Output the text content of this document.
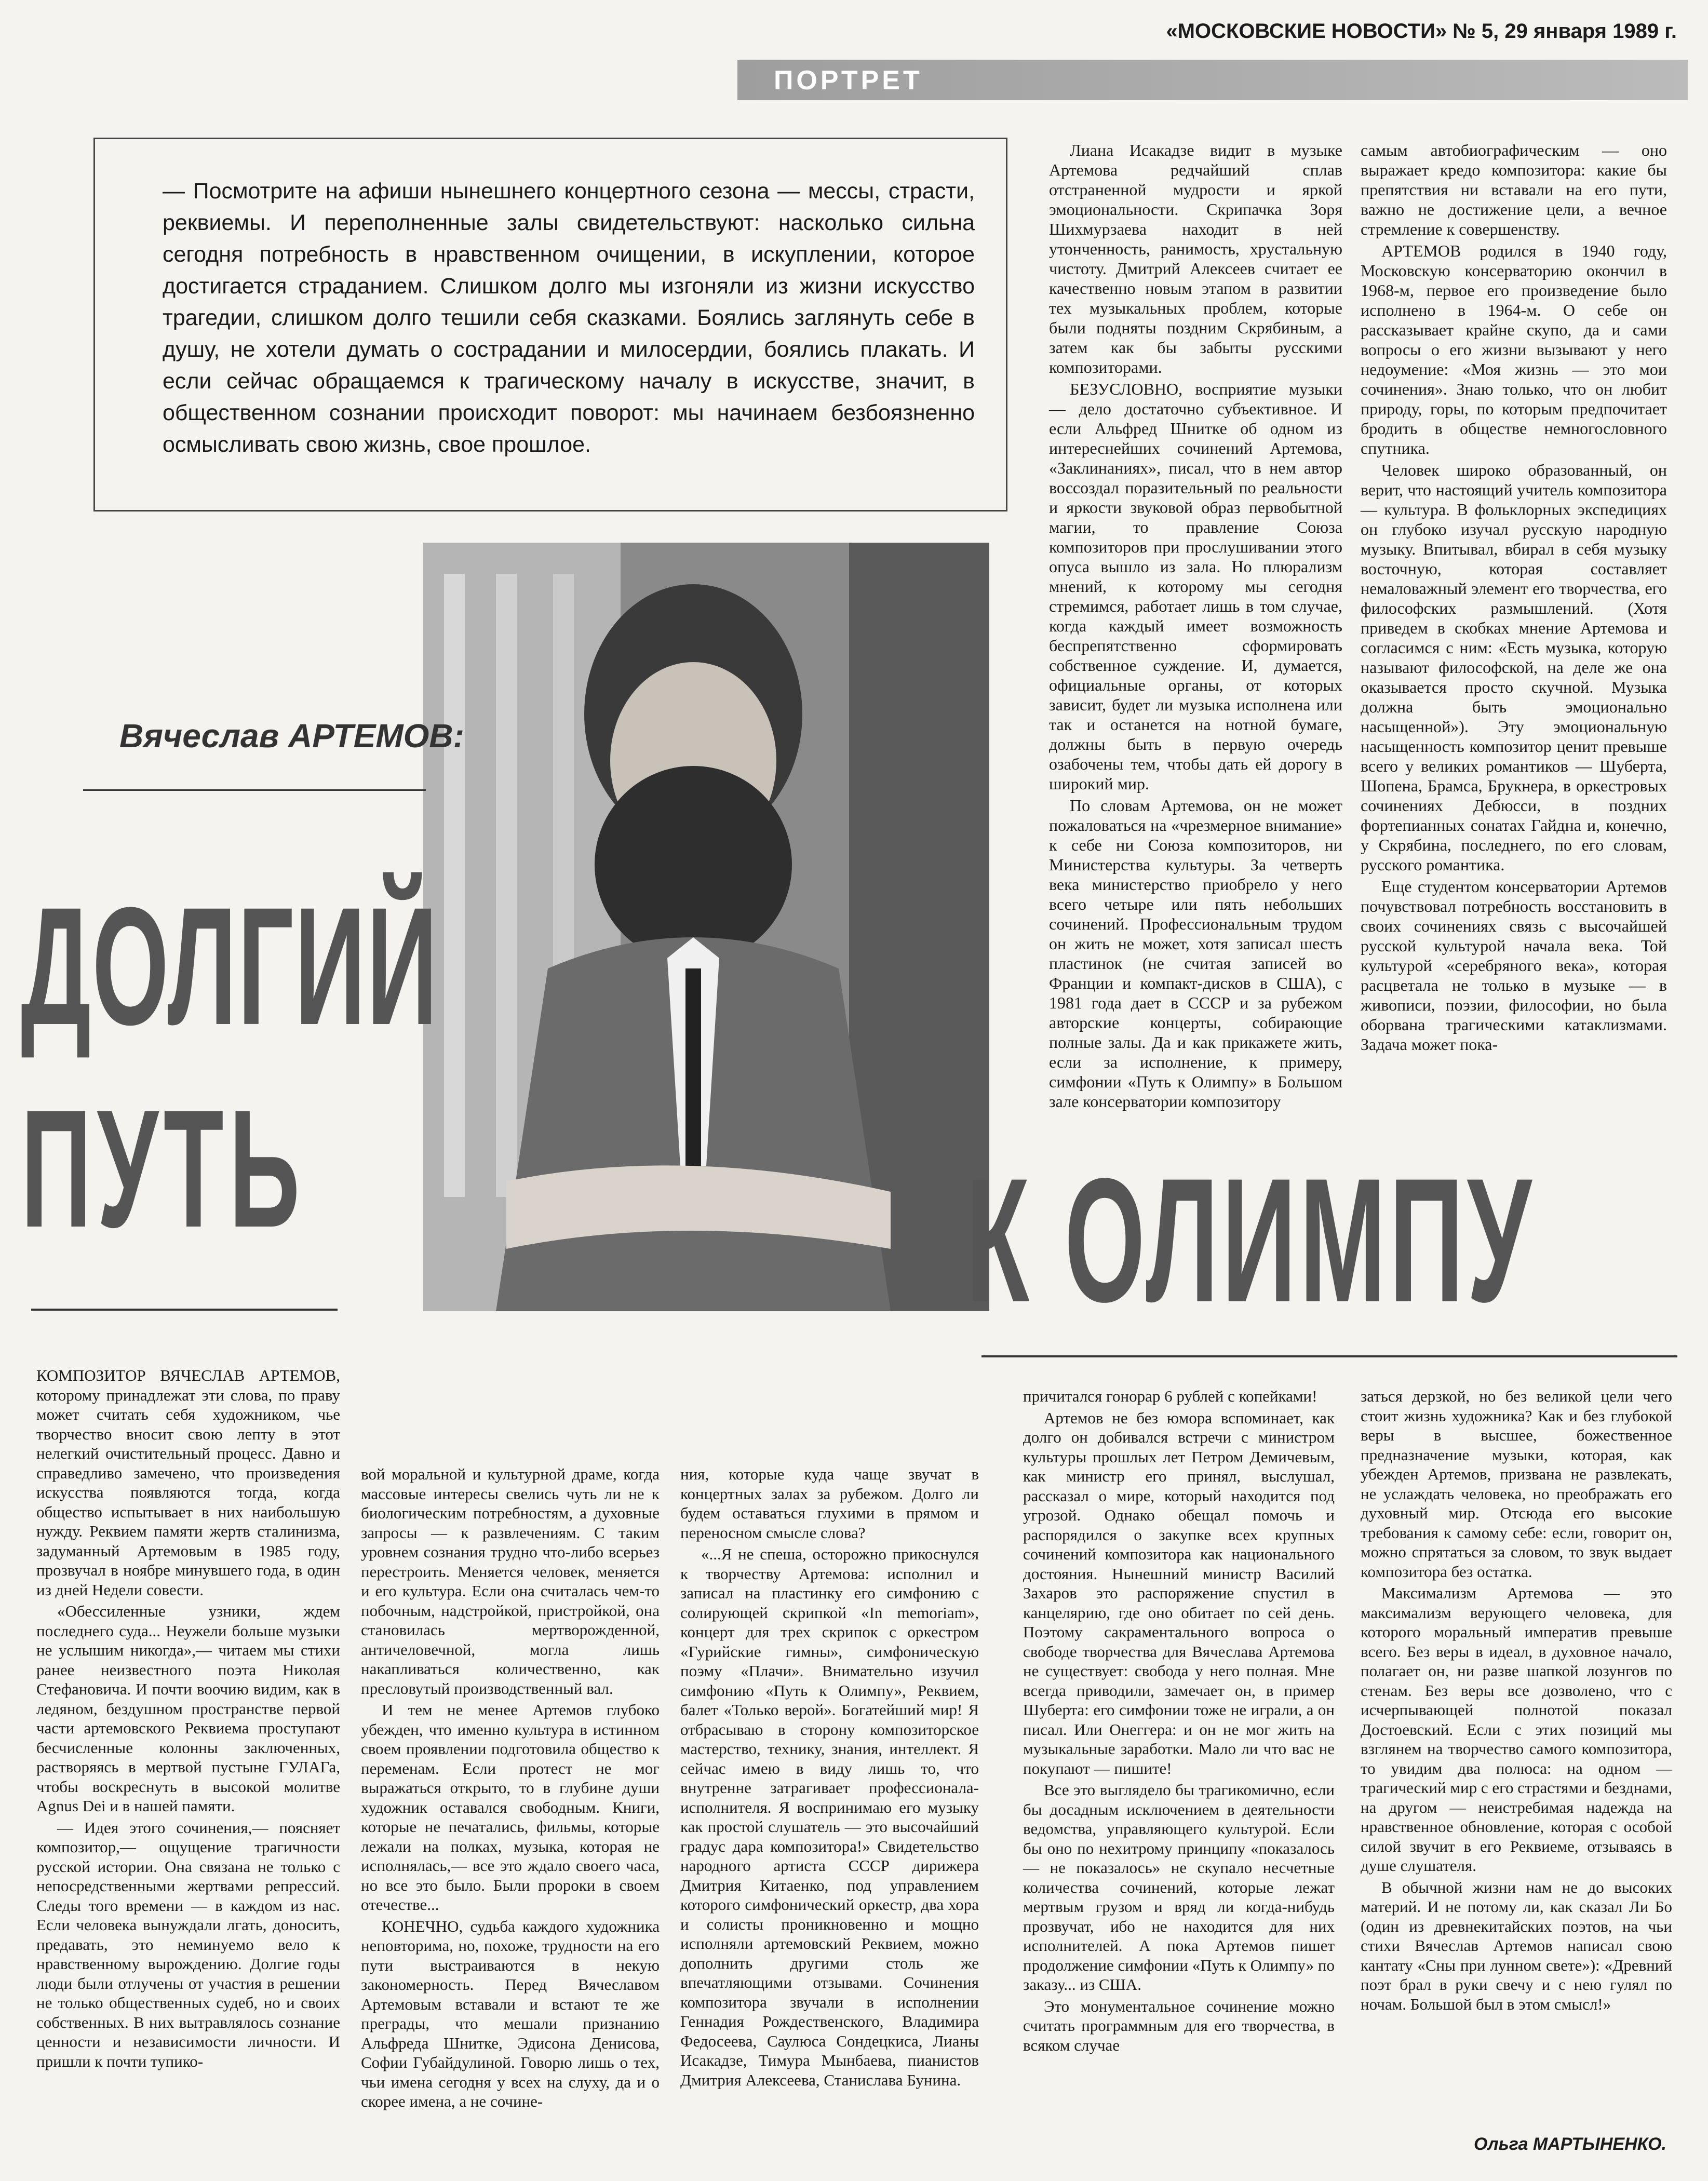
«МОСКОВСКИЕ НОВОСТИ» № 5, 29 января 1989 г.
ПОРТРЕТ

— Посмотрите на афиши нынешнего концертного сезона — мессы, страсти, реквиемы. И переполненные залы свидетельствуют: насколько сильна сегодня потребность в нравственном очищении, в искуплении, которое достигается страданием. Слишком долго мы изгоняли из жизни искусство трагедии, слишком долго тешили себя сказками. Боялись заглянуть себе в душу, не хотели думать о сострадании и милосердии, боялись плакать. И если сейчас обращаемся к трагическому началу в искусстве, значит, в общественном сознании происходит поворот: мы начинаем безбоязненно осмысливать свою жизнь, свое прошлое.

Лиана Исакадзе видит в музыке Артемова редчайший сплав отстраненной мудрости и яркой эмоциональности. Скрипачка Зоря Шихмурзаева находит в ней утонченность, ранимость, хрустальную чистоту. Дмитрий Алексеев считает ее качественно новым этапом в развитии тех музыкальных проблем, которые были подняты поздним Скрябиным, а затем как бы забыты русскими композиторами.

БЕЗУСЛОВНО, восприятие музыки — дело достаточно субъективное. И если Альфред Шнитке об одном из интереснейших сочинений Артемова, «Заклинаниях», писал, что в нем автор воссоздал поразительный по реальности и яркости звуковой образ первобытной магии, то правление Союза композиторов при прослушивании этого опуса вышло из зала. Но плюрализм мнений, к которому мы сегодня стремимся, работает лишь в том случае, когда каждый имеет возможность беспрепятственно сформировать собственное суждение. И, думается, официальные органы, от которых зависит, будет ли музыка исполнена или так и останется на нотной бумаге, должны быть в первую очередь озабочены тем, чтобы дать ей дорогу в широкий мир.

По словам Артемова, он не может пожаловаться на «чрезмерное внимание» к себе ни Союза композиторов, ни Министерства культуры. За четверть века министерство приобрело у него всего четыре или пять небольших сочинений. Профессиональным трудом он жить не может, хотя записал шесть пластинок (не считая записей во Франции и компакт-дисков в США), с 1981 года дает в СССР и за рубежом авторские концерты, собирающие полные залы. Да и как прикажете жить, если за исполнение, к примеру, симфонии «Путь к Олимпу» в Большом зале консерватории композитору

самым автобиографическим — оно выражает кредо композитора: какие бы препятствия ни вставали на его пути, важно не достижение цели, а вечное стремление к совершенству.

АРТЕМОВ родился в 1940 году, Московскую консерваторию окончил в 1968-м, первое его произведение было исполнено в 1964-м. О себе он рассказывает крайне скупо, да и сами вопросы о его жизни вызывают у него недоумение: «Моя жизнь — это мои сочинения». Знаю только, что он любит природу, горы, по которым предпочитает бродить в обществе немногословного спутника.

Человек широко образованный, он верит, что настоящий учитель композитора — культура. В фольклорных экспедициях он глубоко изучал русскую народную музыку. Впитывал, вбирал в себя музыку восточную, которая составляет немаловажный элемент его творчества, его философских размышлений. (Хотя приведем в скобках мнение Артемова и согласимся с ним: «Есть музыка, которую называют философской, на деле же она оказывается просто скучной. Музыка должна быть эмоционально насыщенной»). Эту эмоциональную насыщенность композитор ценит превыше всего у великих романтиков — Шуберта, Шопена, Брамса, Брукнера, в оркестровых сочинениях Дебюсси, в поздних фортепианных сонатах Гайдна и, конечно, у Скрябина, последнего, по его словам, русского романтика.

Еще студентом консерватории Артемов почувствовал потребность восстановить в своих сочинениях связь с высочайшей русской культурой начала века. Той культурой «серебряного века», которая расцветала не только в музыке — в живописи, поэзии, философии, но была оборвана трагическими катаклизмами. Задача может пока-

Вячеслав АРТЕМОВ:
ДОЛГИЙ
ПУТЬ	К ОЛИМПУ

КОМПОЗИТОР ВЯЧЕСЛАВ АРТЕМОВ, которому принадлежат эти слова, по праву может считать себя художником, чье творчество вносит свою лепту в этот нелегкий очистительный процесс. Давно и справедливо замечено, что произведения искусства появляются тогда, когда общество испытывает в них наибольшую нужду. Реквием памяти жертв сталинизма, задуманный Артемовым в 1985 году, прозвучал в ноябре минувшего года, в один из дней Недели совести.

«Обессиленные узники, ждем последнего суда... Неужели больше музыки не услышим никогда»,— читаем мы стихи ранее неизвестного поэта Николая Стефановича. И почти воочию видим, как в ледяном, бездушном пространстве первой части артемовского Реквиема проступают бесчисленные колонны заключенных, растворяясь в мертвой пустыне ГУЛАГа, чтобы воскреснуть в высокой молитве Agnus Dei и в нашей памяти.

— Идея этого сочинения,— поясняет композитор,— ощущение трагичности русской истории. Она связана не только с непосредственными жертвами репрессий. Следы того времени — в каждом из нас. Если человека вынуждали лгать, доносить, предавать, это неминуемо вело к нравственному вырождению. Долгие годы люди были отлучены от участия в решении не только общественных судеб, но и своих собственных. В них вытравлялось сознание ценности и независимости личности. И пришли к почти тупико-

вой моральной и культурной драме, когда массовые интересы свелись чуть ли не к биологическим потребностям, а духовные запросы — к развлечениям. С таким уровнем сознания трудно что-либо всерьез перестроить. Меняется человек, меняется и его культура. Если она считалась чем-то побочным, надстройкой, пристройкой, она становилась мертворожденной, античеловечной, могла лишь накапливаться количественно, как пресловутый производственный вал.

И тем не менее Артемов глубоко убежден, что именно культура в истинном своем проявлении подготовила общество к переменам. Если протест не мог выражаться открыто, то в глубине души художник оставался свободным. Книги, которые не печатались, фильмы, которые лежали на полках, музыка, которая не исполнялась,— все это ждало своего часа, но все это было. Были пророки в своем отечестве...

КОНЕЧНО, судьба каждого художника неповторима, но, похоже, трудности на его пути выстраиваются в некую закономерность. Перед Вячеславом Артемовым вставали и встают те же преграды, что мешали признанию Альфреда Шнитке, Эдисона Денисова, Софии Губайдулиной. Говорю лишь о тех, чьи имена сегодня у всех на слуху, да и о скорее имена, а не сочине-

ния, которые куда чаще звучат в концертных залах за рубежом. Долго ли будем оставаться глухими в прямом и переносном смысле слова?

«...Я не спеша, осторожно прикоснулся к творчеству Артемова: исполнил и записал на пластинку его симфонию с солирующей скрипкой «In memoriam», концерт для трех скрипок с оркестром «Гурийские гимны», симфоническую поэму «Плачи». Внимательно изучил симфонию «Путь к Олимпу», Реквием, балет «Только верой». Богатейший мир! Я отбрасываю в сторону композиторское мастерство, технику, знания, интеллект. Я сейчас имею в виду лишь то, что внутренне затрагивает профессионала-исполнителя. Я воспринимаю его музыку как простой слушатель — это высочайший градус дара композитора!» Свидетельство народного артиста СССР дирижера Дмитрия Китаенко, под управлением которого симфонический оркестр, два хора и солисты проникновенно и мощно исполняли артемовский Реквием, можно дополнить другими столь же впечатляющими отзывами. Сочинения композитора звучали в исполнении Геннадия Рождественского, Владимира Федосеева, Саулюса Сондецкиса, Лианы Исакадзе, Тимура Мынбаева, пианистов Дмитрия Алексеева, Станислава Бунина.

причитался гонорар 6 рублей с копейками!

Артемов не без юмора вспоминает, как долго он добивался встречи с министром культуры прошлых лет Петром Демичевым, как министр его принял, выслушал, рассказал о мире, который находится под угрозой. Однако обещал помочь и распорядился о закупке всех крупных сочинений композитора как национального достояния. Нынешний министр Василий Захаров это распоряжение спустил в канцелярию, где оно обитает по сей день. Поэтому сакраментального вопроса о свободе творчества для Вячеслава Артемова не существует: свобода у него полная. Мне всегда приводили, замечает он, в пример Шуберта: его симфонии тоже не играли, а он писал. Или Онеггера: и он не мог жить на музыкальные заработки. Мало ли что вас не покупают — пишите!

Все это выглядело бы трагикомично, если бы досадным исключением в деятельности ведомства, управляющего культурой. Если бы оно по нехитрому принципу «показалось — не показалось» не скупало несчетные количества сочинений, которые лежат мертвым грузом и вряд ли когда-нибудь прозвучат, ибо не находится для них исполнителей. А пока Артемов пишет продолжение симфонии «Путь к Олимпу» по заказу... из США.

Это монументальное сочинение можно считать программным для его творчества, в всяком случае

заться дерзкой, но без великой цели чего стоит жизнь художника? Как и без глубокой веры в высшее, божественное предназначение музыки, которая, как убежден Артемов, призвана не развлекать, не услаждать человека, но преображать его духовный мир. Отсюда его высокие требования к самому себе: если, говорит он, можно спрятаться за словом, то звук выдает композитора без остатка.

Максимализм Артемова — это максимализм верующего человека, для которого моральный императив превыше всего. Без веры в идеал, в духовное начало, полагает он, ни разве шапкой лозунгов по стенам. Без веры все дозволено, что с исчерпывающей полнотой показал Достоевский. Если с этих позиций мы взглянем на творчество самого композитора, то увидим два полюса: на одном — трагический мир с его страстями и безднами, на другом — неистребимая надежда на нравственное обновление, которая с особой силой звучит в его Реквиеме, отзываясь в душе слушателя.

В обычной жизни нам не до высоких материй. И не потому ли, как сказал Ли Бо (один из древнекитайских поэтов, на чьи стихи Вячеслав Артемов написал свою кантату «Сны при лунном свете»): «Древний поэт брал в руки свечу и с нею гулял по ночам. Большой был в этом смысл!»

Ольга МАРТЫНЕНКО.
